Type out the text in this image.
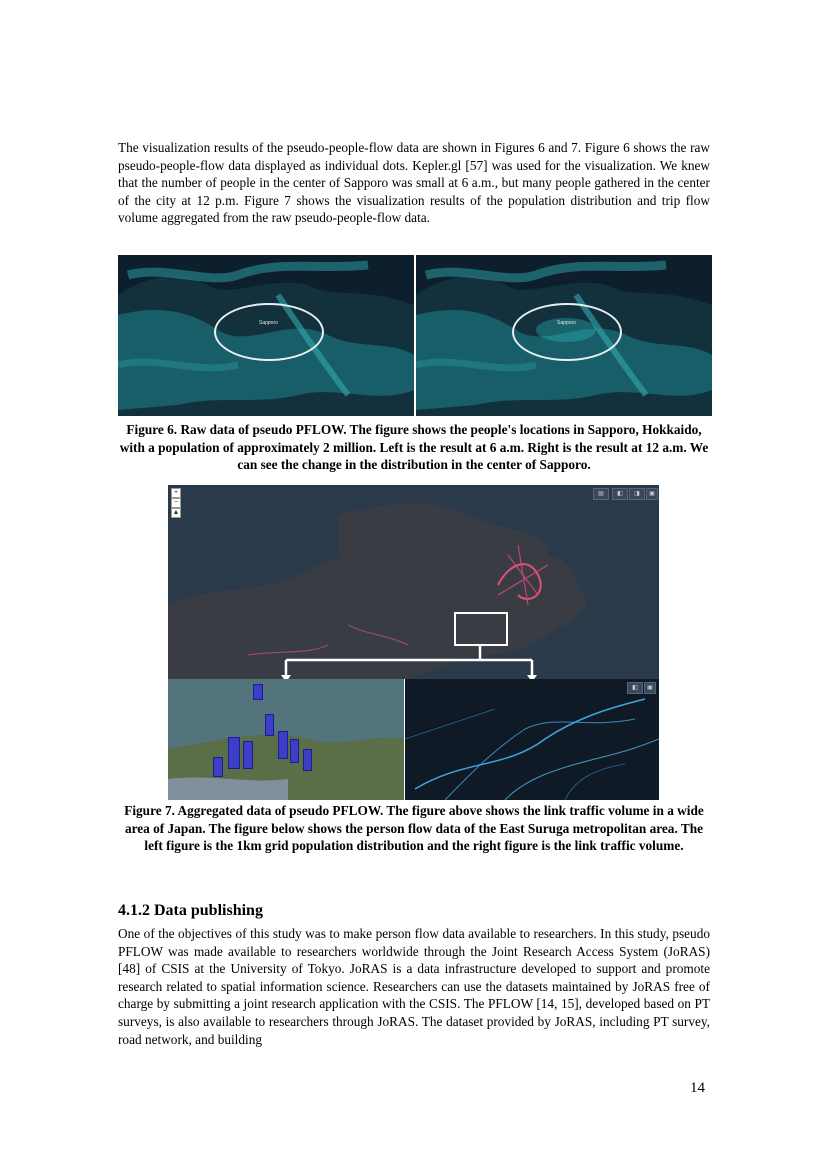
The visualization results of the pseudo-people-flow data are shown in Figures 6 and 7. Figure 6 shows the raw pseudo-people-flow data displayed as individual dots. Kepler.gl [57] was used for the visualization. We knew that the number of people in the center of Sapporo was small at 6 a.m., but many people gathered in the center of the city at 12 p.m. Figure 7 shows the visualization results of the population distribution and trip flow volume aggregated from the raw pseudo-people-flow data.

Sapporo	Sapporo

Figure 6. Raw data of pseudo PFLOW. The figure shows the people's locations in Sapporo, Hokkaido, with a population of approximately 2 million. Left is the result at 6 a.m. Right is the result at 12 a.m. We can see the change in the distribution in the center of Sapporo.

+
−
▲
▤	◧	◨	▣
◧	▣

Figure 7. Aggregated data of pseudo PFLOW. The figure above shows the link traffic volume in a wide area of Japan. The figure below shows the person flow data of the East Suruga metropolitan area. The left figure is the 1km grid population distribution and the right figure is the link traffic volume.

4.1.2 Data publishing

One of the objectives of this study was to make person flow data available to researchers. In this study, pseudo PFLOW was made available to researchers worldwide through the Joint Research Access System (JoRAS) [48] of CSIS at the University of Tokyo. JoRAS is a data infrastructure developed to support and promote research related to spatial information science. Researchers can use the datasets maintained by JoRAS free of charge by submitting a joint research application with the CSIS. The PFLOW [14, 15], developed based on PT surveys, is also available to researchers through JoRAS. The dataset provided by JoRAS, including PT survey, road network, and building

14
